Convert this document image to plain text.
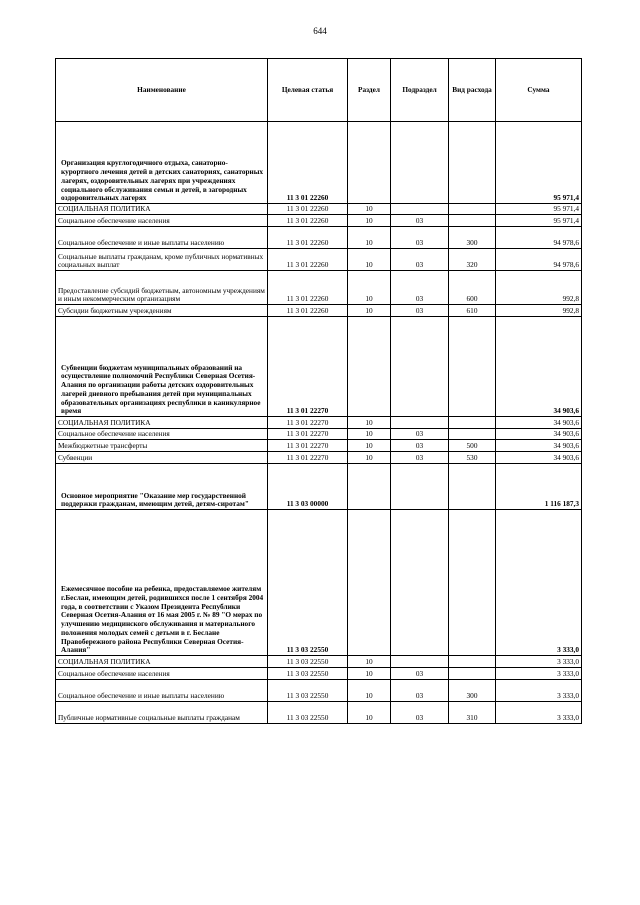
644
Наименование	Целевая статья	Раздел	Подраздел	Вид расхода	Сумма
Организация круглогодичного отдыха, санаторно-курортного лечения детей в детских санаториях, санаторных лагерях, оздоровительных лагерях при учреждениях социального обслуживания семьи и детей, в загородных оздоровительных лагерях	11 3 01 22260				95 971,4
СОЦИАЛЬНАЯ ПОЛИТИКА	11 3 01 22260	10			95 971,4
Социальное обеспечение населения	11 3 01 22260	10	03		95 971,4
Социальное обеспечение и иные выплаты населению	11 3 01 22260	10	03	300	94 978,6
Социальные выплаты гражданам, кроме публичных нормативных социальных выплат	11 3 01 22260	10	03	320	94 978,6
Предоставление субсидий бюджетным, автономным учреждениям и иным некоммерческим организациям	11 3 01 22260	10	03	600	992,8
Субсидии бюджетным учреждениям	11 3 01 22260	10	03	610	992,8
Субвенции бюджетам муниципальных образований на осуществление полномочий Республики Северная Осетия-Алания по организации работы детских оздоровительных лагерей дневного пребывания детей при муниципальных образовательных организациях республики в каникулярное время	11 3 01 22270				34 903,6
СОЦИАЛЬНАЯ ПОЛИТИКА	11 3 01 22270	10			34 903,6
Социальное обеспечение населения	11 3 01 22270	10	03		34 903,6
Межбюджетные трансферты	11 3 01 22270	10	03	500	34 903,6
Субвенции	11 3 01 22270	10	03	530	34 903,6
Основное мероприятие "Оказание мер государственной поддержки гражданам, имеющим детей, детям-сиротам"	11 3 03 00000				1 116 187,3
Ежемесячное пособие на ребенка, предоставляемое жителям г.Беслан, имеющим детей, родившихся после 1 сентября 2004 года, в соответствии с Указом Президента Республики Северная Осетия-Алания от 16 мая 2005 г. № 89 "О мерах по улучшению медицинского обслуживания и материального положения молодых семей с детьми в г. Беслане Правобережного района Республики Северная Осетия-Алания"	11 3 03 22550				3 333,0
СОЦИАЛЬНАЯ ПОЛИТИКА	11 3 03 22550	10			3 333,0
Социальное обеспечение населения	11 3 03 22550	10	03		3 333,0
Социальное обеспечение и иные выплаты населению	11 3 03 22550	10	03	300	3 333,0
Публичные нормативные социальные выплаты гражданам	11 3 03 22550	10	03	310	3 333,0
